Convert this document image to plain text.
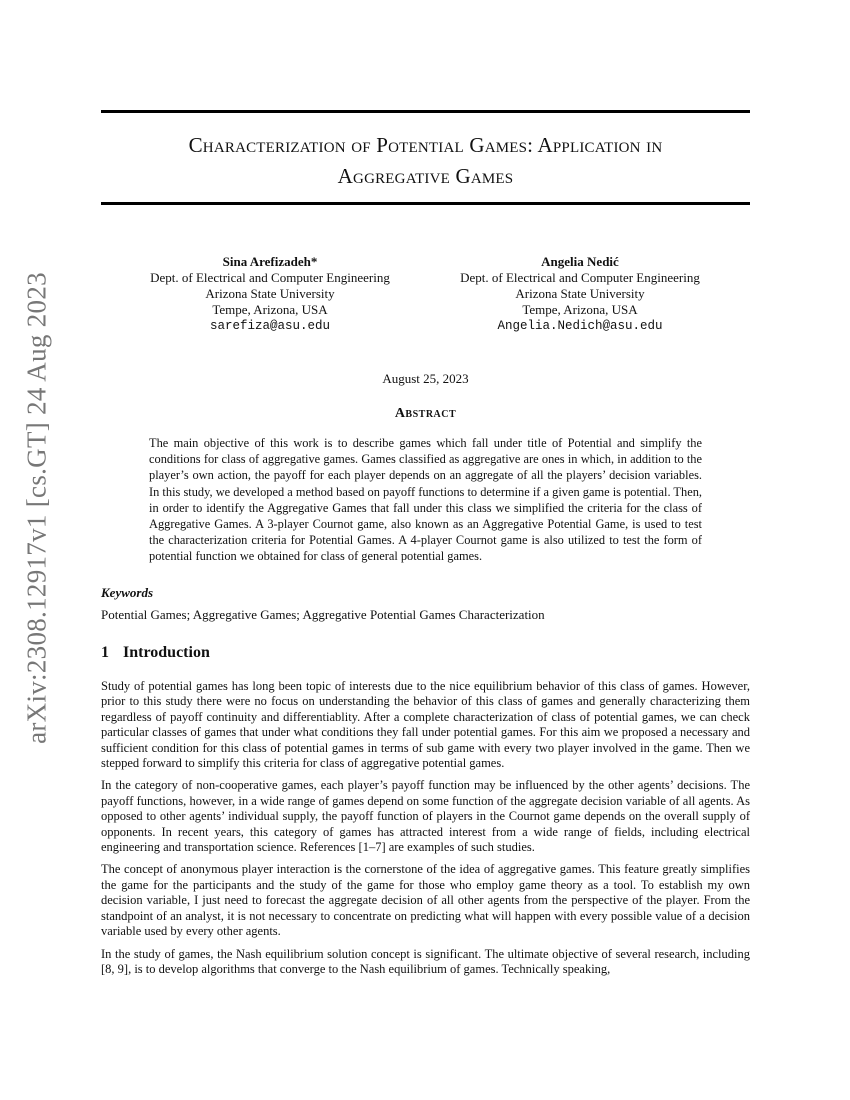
arXiv:2308.12917v1 [cs.GT] 24 Aug 2023
Characterization of Potential Games: Application in
Aggregative Games
Sina Arefizadeh*
Dept. of Electrical and Computer Engineering
Arizona State University
Tempe, Arizona, USA
sarefiza@asu.edu
Angelia Nedić
Dept. of Electrical and Computer Engineering
Arizona State University
Tempe, Arizona, USA
Angelia.Nedich@asu.edu
August 25, 2023
Abstract
The main objective of this work is to describe games which fall under title of Potential and simplify the conditions for class of aggregative games. Games classified as aggregative are ones in which, in addition to the player’s own action, the payoff for each player depends on an aggregate of all the players’ decision variables. In this study, we developed a method based on payoff functions to determine if a given game is potential. Then, in order to identify the Aggregative Games that fall under this class we simplified the criteria for the class of Aggregative Games. A 3-player Cournot game, also known as an Aggregative Potential Game, is used to test the characterization criteria for Potential Games. A 4-player Cournot game is also utilized to test the form of potential function we obtained for class of general potential games.
Keywords
Potential Games; Aggregative Games; Aggregative Potential Games Characterization
1 Introduction

Study of potential games has long been topic of interests due to the nice equilibrium behavior of this class of games. However, prior to this study there were no focus on understanding the behavior of this class of games and generally characterizing them regardless of payoff continuity and differentiablity. After a complete characterization of class of potential games, we can check particular classes of games that under what conditions they fall under potential games. For this aim we proposed a necessary and sufficient condition for this class of potential games in terms of sub game with every two player involved in the game. Then we stepped forward to simplify this criteria for class of aggregative potential games.

In the category of non-cooperative games, each player’s payoff function may be influenced by the other agents’ decisions. The payoff functions, however, in a wide range of games depend on some function of the aggregate decision variable of all agents. As opposed to other agents’ individual supply, the payoff function of players in the Cournot game depends on the overall supply of opponents. In recent years, this category of games has attracted interest from a wide range of fields, including electrical engineering and transportation science. References [1–7] are examples of such studies.

The concept of anonymous player interaction is the cornerstone of the idea of aggregative games. This feature greatly simplifies the game for the participants and the study of the game for those who employ game theory as a tool. To establish my own decision variable, I just need to forecast the aggregate decision of all other agents from the perspective of the player. From the standpoint of an analyst, it is not necessary to concentrate on predicting what will happen with every possible value of a decision variable used by every other agents.

In the study of games, the Nash equilibrium solution concept is significant. The ultimate objective of several research, including [8, 9], is to develop algorithms that converge to the Nash equilibrium of games. Technically speaking,
